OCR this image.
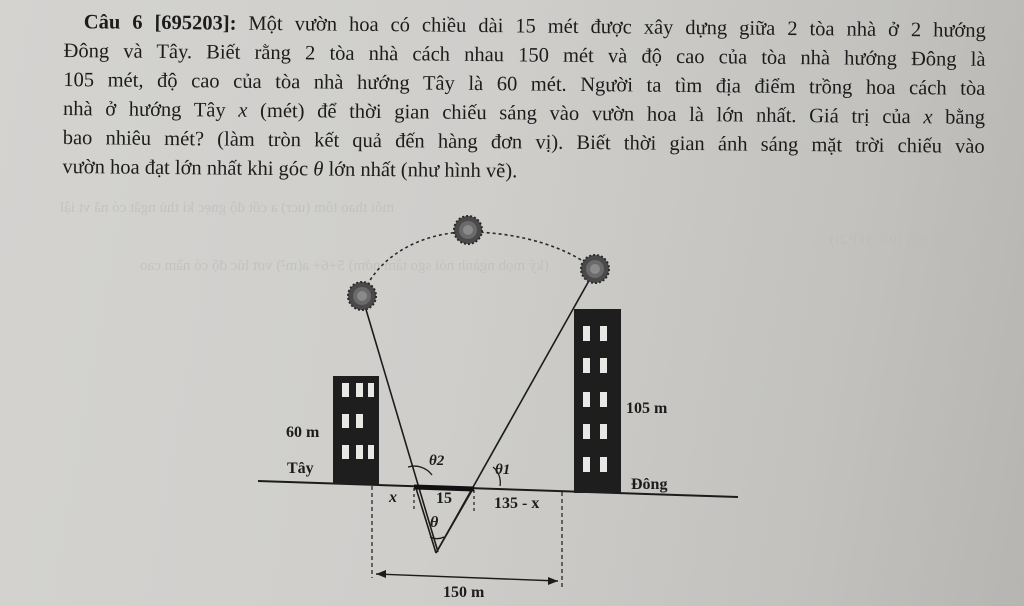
mỗi thao tôm (ucr) a cốt độ gnẹc ki thủ ngãt có nã vt iậl
(ký mọb ngành nói sgo tâm nớm) 5+6+ a(m²) vơt lúc độ có nầm cao
ngầm mới (05ε,1ƐP,2ɩ)
Câu 6 [695203]: Một vườn hoa có chiều dài 15 mét được xây dựng giữa 2 tòa nhà ở 2 hướng
Đông và Tây. Biết rằng 2 tòa nhà cách nhau 150 mét và độ cao của tòa nhà hướng Đông là
105 mét, độ cao của tòa nhà hướng Tây là 60 mét. Người ta tìm địa điểm trồng hoa cách tòa
nhà ở hướng Tây x (mét) để thời gian chiếu sáng vào vườn hoa là lớn nhất. Giá trị của x bằng
bao nhiêu mét? (làm tròn kết quả đến hàng đơn vị). Biết thời gian ánh sáng mặt trời chiếu vào
vườn hoa đạt lớn nhất khi góc θ lớn nhất (như hình vẽ).
60 m
Tây
105 m
Đông
x 15	135 - x
θ2
θ1
θ
150 m
